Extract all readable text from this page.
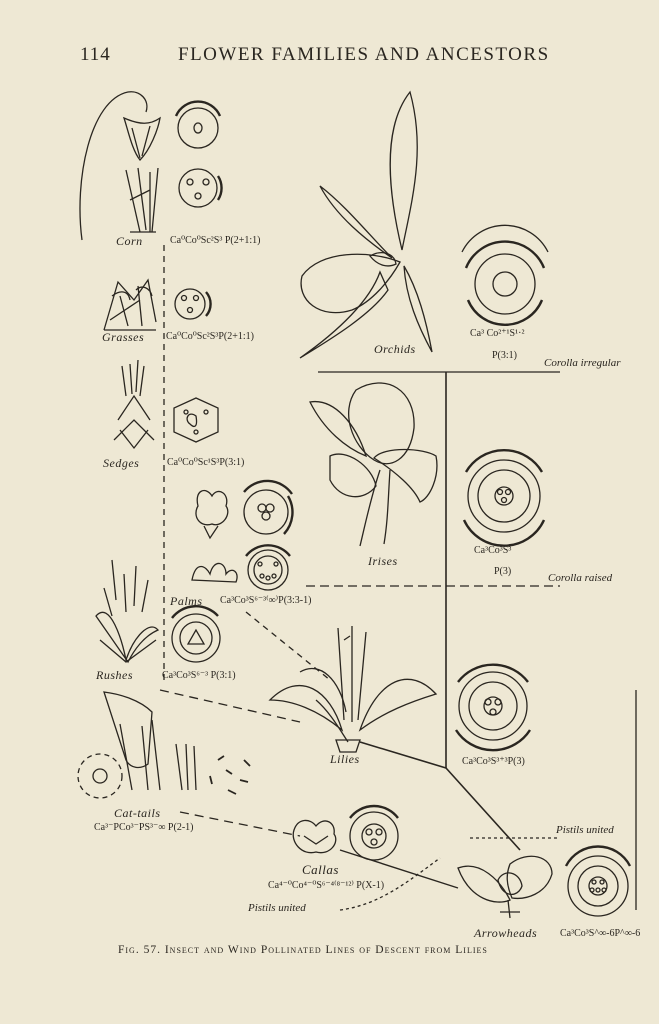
114	FLOWER FAMILIES AND ANCESTORS
Corn
Grasses
Sedges
Palms
Rushes
Cat-tails
Orchids
Irises
Lilies
Callas
Arrowheads
Ca⁰Co⁰Sc²S³ P(2+1:1)
Ca⁰Co⁰Sc²S³P(2+1:1)
Ca⁰Co⁰Sc¹S³P(3:1)
Ca³Co³S⁶⁻³⁽∞⁾P(3:3-1)
Ca³Co³S⁶⁻³ P(3:1)
Ca³⁻PCo³⁻PS³⁻∞ P(2-1)
Ca³ Co²⁺¹S¹·²
P(3:1)
Ca³Co³S³
P(3)
Ca³Co³S³⁺³P(3)
Ca⁴⁻⁰Co⁴⁻⁰S⁶⁻⁴⁽⁸⁻¹²⁾ P(X-1)
Ca³Co³S^∞-6P^∞-6
Corolla irregular
Corolla raised
Pistils united
Pistils united
Fig. 57. Insect and Wind Pollinated Lines of Descent from Lilies
